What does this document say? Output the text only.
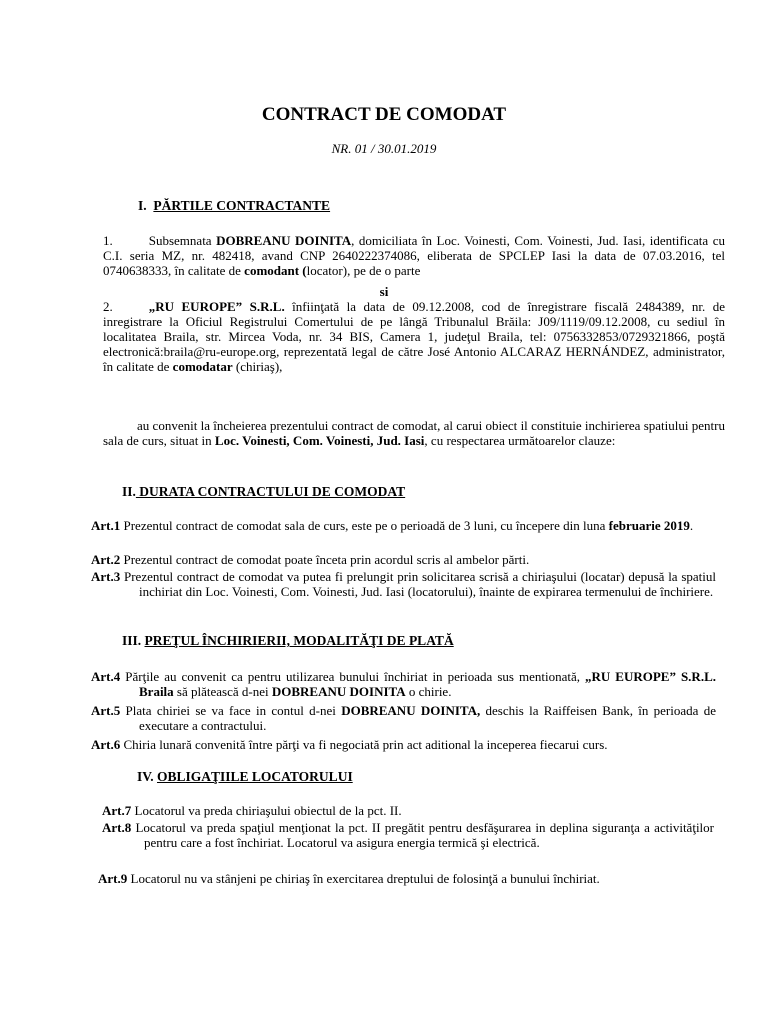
CONTRACT DE COMODAT
NR. 01 / 30.01.2019
I. PĂRTILE CONTRACTANTE
1.	Subsemnata DOBREANU DOINITA, domiciliata în Loc. Voinesti, Com. Voinesti, Jud. Iasi, identificata cu C.I. seria MZ, nr. 482418, avand CNP 2640222374086, eliberata de SPCLEP Iasi la data de 07.03.2016, tel 0740638333, în calitate de comodant (locator), pe de o parte
si
2.	„RU EUROPE” S.R.L. înfiinţată la data de 09.12.2008, cod de înregistrare fiscală 2484389, nr. de inregistrare la Oficiul Registrului Comertului de pe lângă Tribunalul Brăila: J09/1119/09.12.2008, cu sediul în localitatea Braila, str. Mircea Voda, nr. 34 BIS, Camera 1, judeţul Braila, tel: 0756332853/0729321866, poştă electronică:braila@ru-europe.org, reprezentată legal de către José Antonio ALCARAZ HERNÁNDEZ, administrator, în calitate de comodatar (chiriaş),
au convenit la încheierea prezentului contract de comodat, al carui obiect il constituie inchirierea spatiului pentru sala de curs, situat in Loc. Voinesti, Com. Voinesti, Jud. Iasi, cu respectarea următoarelor clauze:
II. DURATA CONTRACTULUI DE COMODAT
Art.1 Prezentul contract de comodat sala de curs, este pe o perioadă de 3 luni, cu începere din luna februarie 2019.
Art.2 Prezentul contract de comodat poate înceta prin acordul scris al ambelor părti.
Art.3 Prezentul contract de comodat va putea fi prelungit prin solicitarea scrisă a chiriaşului (locatar) depusă la spatiul inchiriat din Loc. Voinesti, Com. Voinesti, Jud. Iasi (locatorului), înainte de expirarea termenului de închiriere.
III. PREŢUL ÎNCHIRIERII, MODALITĂŢI DE PLATĂ
Art.4 Părţile au convenit ca pentru utilizarea bunului închiriat in perioada sus mentionată, „RU EUROPE” S.R.L. Braila să plătească d-nei DOBREANU DOINITA o chirie.
Art.5 Plata chiriei se va face in contul d-nei DOBREANU DOINITA, deschis la Raiffeisen Bank, în perioada de executare a contractului.
Art.6 Chiria lunară convenită între părţi va fi negociată prin act aditional la inceperea fiecarui curs.
IV. OBLIGAŢIILE LOCATORULUI
Art.7 Locatorul va preda chiriaşului obiectul de la pct. II.
Art.8 Locatorul va preda spaţiul menţionat la pct. II pregătit pentru desfăşurarea in deplina siguranţa a activităţilor pentru care a fost închiriat. Locatorul va asigura energia termică şi electrică.
Art.9 Locatorul nu va stânjeni pe chiriaş în exercitarea dreptului de folosinţă a bunului închiriat.
